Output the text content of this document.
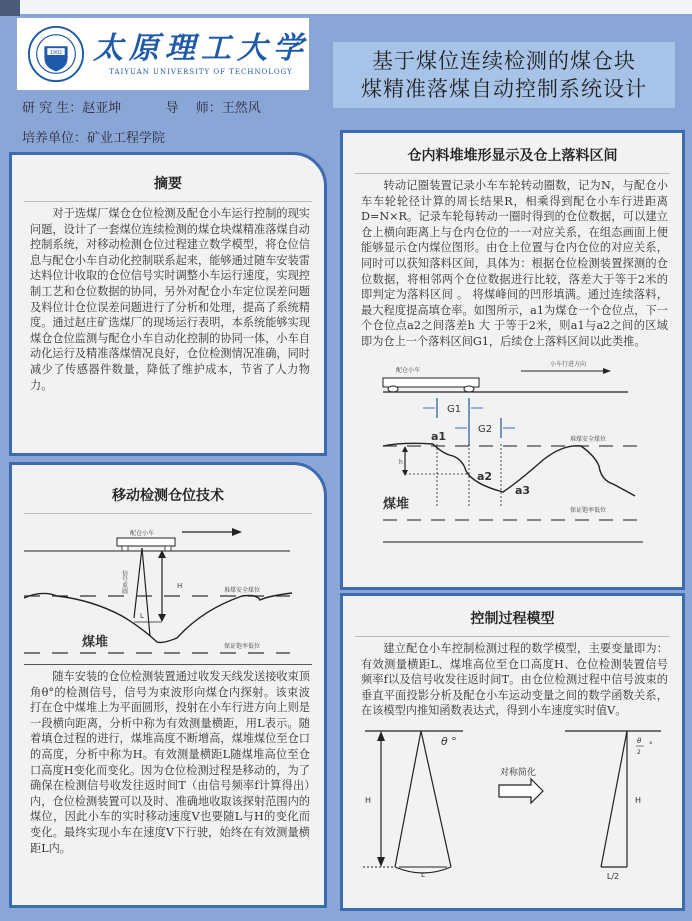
1902 太原理工大学
TAIYUAN UNIVERSITY OF TECHNOLOGY
研 究 生：赵亚坤	导　 师：王然风
培养单位：矿业工程学院
基于煤位连续检测的煤仓块
煤精准落煤自动控制系统设计
摘要
对于选煤厂煤仓仓位检测及配仓小车运行控制的现实问题，设计了一套煤位连续检测的煤仓块煤精准落煤自动控制系统，对移动检测仓位过程建立数学模型，将仓位信息与配仓小车自动化控制联系起来，能够通过随车安装雷达料位计收取的仓位信号实时调整小车运行速度，实现控制工艺和仓位数据的协同，另外对配仓小车定位误差问题及料位计仓位误差问题进行了分析和处理，提高了系统精度。通过赵庄矿选煤厂的现场运行表明，本系统能够实现煤仓仓位监测与配仓小车自动化控制的协同一体，小车自动化运行及精准落煤情况良好，仓位检测情况准确，同时减少了传感器件数量，降低了维护成本，节省了人力物力。
移动检测仓位技术
配仓小车
信号束圆	H
L
堆煤安全煤位
煤堆	保证饱率低位
随车安装的仓位检测装置通过收发天线发送接收束顶角θ°的检测信号，信号为束波形向煤仓内探射。该束波打在仓中煤堆上为平面圆形，投射在小车行进方向上则是一段横向距离，分析中称为有效测量横距，用L表示。随着填仓过程的进行，煤堆高度不断增高，煤堆煤位至仓口的高度，分析中称为H。有效测量横距L随煤堆高位至仓口高度H变化而变化。因为仓位检测过程是移动的，为了确保在检测信号收发往返时间T（由信号频率f计算得出）内，仓位检测装置可以及时、准确地收取该探射范围内的煤位，因此小车的实时移动速度V也要随L与H的变化而变化。最终实现小车在速度V下行驶，始终在有效测量横距L内。
仓内料堆堆形显示及仓上落料区间
转动记圈装置记录小车车轮转动圈数，记为N，与配仓小车车轮轮径计算的周长结果R，相乘得到配仓小车行进距离D=N×R。记录车轮每转动一圈时得到的仓位数据，可以建立仓上横向距离上与仓内仓位的一一对应关系，在组态画面上便能够显示仓内煤位图形。由仓上位置与仓内仓位的对应关系，同时可以获知落料区间，具体为：根据仓位检测装置探测的仓位数据，将相邻两个仓位数据进行比较，落差大于等于2米的即判定为落料区间 。 将煤峰间的凹形填满。通过连续落料，最大程度提高填仓率。如图所示，a1为煤仓一个仓位点，下一个仓位点a2之间落差h 大 于等于2米，则a1与a2之间的区域即为仓上一个落料区间G1，后续仓上落料区间以此类推。
配仓小车
小车行进方向
G1
G2
a1	堆煤安全煤位
h
a2
a3
煤堆	保证饱率低位
控制过程模型
建立配仓小车控制检测过程的数学模型，主要变量即为：有效测量横距L、煤堆高位至仓口高度H、仓位检测装置信号频率f以及信号收发往返时间T。由仓位检测过程中信号波束的垂直平面投影分析及配仓小车运动变量之间的数学函数关系，在该模型内推知函数表达式，得到小车速度实时值V。
H
L
θ °
对称简化
θ
2
°
H
L/2
